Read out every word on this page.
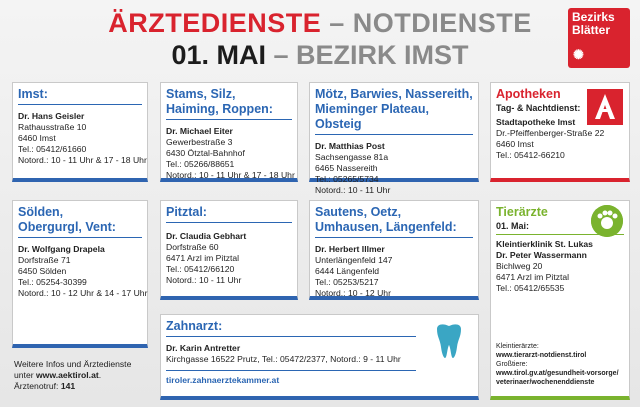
ÄRZTEDIENSTE – NOTDIENSTE
01. MAI – BEZIRK IMST
Bezirks
Blätter
✺
Imst:
Dr. Hans Geisler
Rathausstraße 10
6460 Imst
Tel.: 05412/61660
Notord.: 10 - 11 Uhr & 17 - 18 Uhr
Stams, Silz,
Haiming, Roppen:
Dr. Michael Eiter
Gewerbestraße 3
6430 Ötztal-Bahnhof
Tel.: 05266/88651
Notord.: 10 - 11 Uhr & 17 - 18 Uhr
Mötz, Barwies, Nassereith,
Mieminger Plateau, Obsteig
Dr. Matthias Post
Sachsengasse 81a
6465 Nassereith
Tel.: 05265/5734
Notord.: 10 - 11 Uhr
Apotheken
Tag- & Nachtdienst:
Stadtapotheke Imst
Dr.-Pfeiffenberger-Straße 22
6460 Imst
Tel.: 05412-66210
Sölden,
Obergurgl, Vent:
Dr. Wolfgang Drapela
Dorfstraße 71
6450 Sölden
Tel.: 05254-30399
Notord.: 10 - 12 Uhr & 14 - 17 Uhr
Pitztal:
Dr. Claudia Gebhart
Dorfstraße 60
6471 Arzl im Pitztal
Tel.: 05412/66120
Notord.: 10 - 11 Uhr
Sautens, Oetz,
Umhausen, Längenfeld:
Dr. Herbert Illmer
Unterlängenfeld 147
6444 Längenfeld
Tel.: 05253/5217
Notord.: 10 - 12 Uhr
Tierärzte
01. Mai:
Kleintierklinik St. Lukas
Dr. Peter Wassermann
Bichlweg 20
6471 Arzl im Pitztal
Tel.: 05412/65535
Kleintierärzte:
www.tierarzt-notdienst.tirol
Großtiere:
www.tirol.gv.at/gesundheit-vorsorge/
veterinaer/wochenenddienste
Zahnarzt:
Dr. Karin Antretter
Kirchgasse 16522 Prutz, Tel.: 05472/2377, Notord.: 9 - 11 Uhr
tiroler.zahnaerztekammer.at
Weitere Infos und Ärztedienste
unter www.aektirol.at.
Ärztenotruf: 141
